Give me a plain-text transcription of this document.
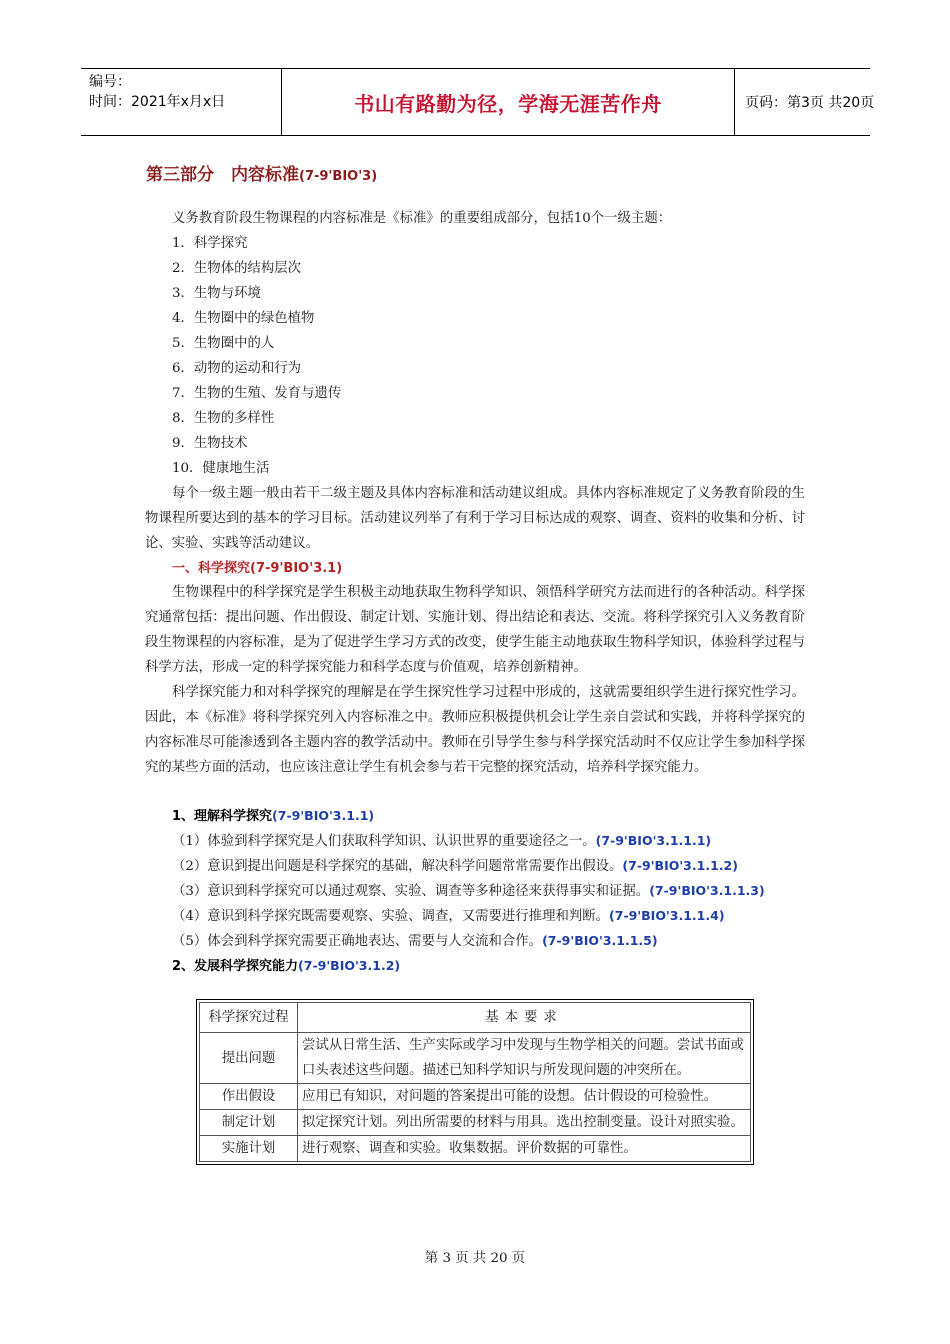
编号：
时间：2021年x月x日	书山有路勤为径，学海无涯苦作舟	页码：第3页 共20页
第三部分　内容标准(7-9'BIO'3)
义务教育阶段生物课程的内容标准是《标准》的重要组成部分，包括10个一级主题：
1．科学探究
2．生物体的结构层次
3．生物与环境
4．生物圈中的绿色植物
5．生物圈中的人
6．动物的运动和行为
7．生物的生殖、发育与遗传
8．生物的多样性
9．生物技术
10．健康地生活
每个一级主题一般由若干二级主题及具体内容标准和活动建议组成。具体内容标准规定了义务教育阶段的生物课程所要达到的基本的学习目标。活动建议列举了有利于学习目标达成的观察、调查、资料的收集和分析、讨论、实验、实践等活动建议。
一、科学探究(7-9'BIO'3.1)
生物课程中的科学探究是学生积极主动地获取生物科学知识、领悟科学研究方法而进行的各种活动。科学探究通常包括：提出问题、作出假设、制定计划、实施计划、得出结论和表达、交流。将科学探究引入义务教育阶段生物课程的内容标准，是为了促进学生学习方式的改变，使学生能主动地获取生物科学知识，体验科学过程与科学方法，形成一定的科学探究能力和科学态度与价值观，培养创新精神。
科学探究能力和对科学探究的理解是在学生探究性学习过程中形成的，这就需要组织学生进行探究性学习。因此，本《标准》将科学探究列入内容标准之中。教师应积极提供机会让学生亲自尝试和实践，并将科学探究的内容标准尽可能渗透到各主题内容的教学活动中。教师在引导学生参与科学探究活动时不仅应让学生参加科学探究的某些方面的活动，也应该注意让学生有机会参与若干完整的探究活动，培养科学探究能力。
1、理解科学探究(7-9'BIO'3.1.1)
（1）体验到科学探究是人们获取科学知识、认识世界的重要途径之一。(7-9'BIO'3.1.1.1)
（2）意识到提出问题是科学探究的基础，解决科学问题常常需要作出假设。(7-9'BIO'3.1.1.2)
（3）意识到科学探究可以通过观察、实验、调查等多种途径来获得事实和证据。(7-9'BIO'3.1.1.3)
（4）意识到科学探究既需要观察、实验、调查，又需要进行推理和判断。(7-9'BIO'3.1.1.4)
（5）体会到科学探究需要正确地表达、需要与人交流和合作。(7-9'BIO'3.1.1.5)
2、发展科学探究能力(7-9'BIO'3.1.2)
科学探究过程	基本要求
提出问题	尝试从日常生活、生产实际或学习中发现与生物学相关的问题。尝试书面或口头表述这些问题。描述已知科学知识与所发现问题的冲突所在。
作出假设	应用已有知识，对问题的答案提出可能的设想。估计假设的可检验性。
制定计划	拟定探究计划。列出所需要的材料与用具。选出控制变量。设计对照实验。
实施计划	进行观察、调查和实验。收集数据。评价数据的可靠性。
第 3 页 共 20 页
